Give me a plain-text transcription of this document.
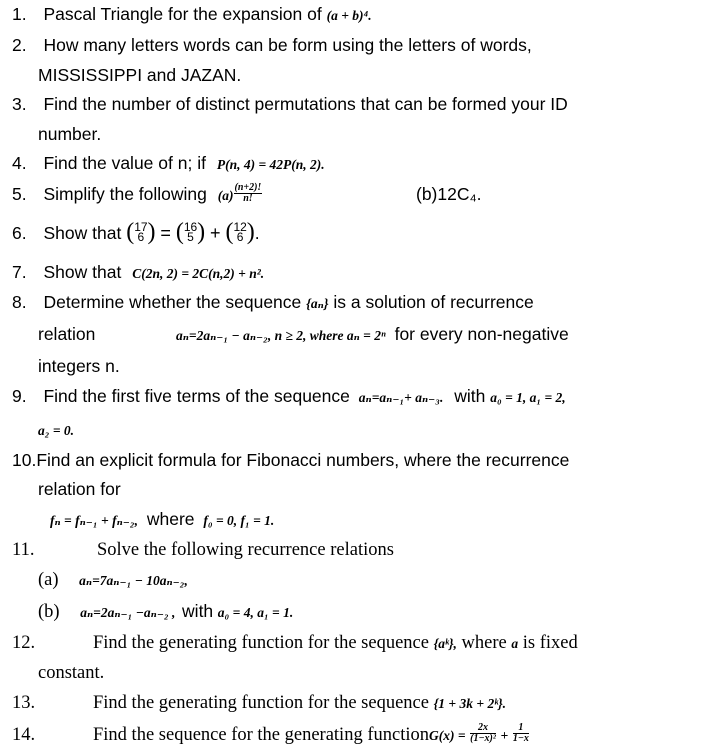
1. Pascal Triangle for the expansion of (a + b)⁴.
2. How many letters words can be form using the letters of words,
MISSISSIPPI and JAZAN.
3. Find the number of distinct permutations that can be formed your ID
number.
4. Find the value of n; if P(n, 4) = 42P(n, 2).
5. Simplify the following $(a) \frac{(n+2)!}{n!}$	(b)12C₄.
6. Show that ( 17
6 ) = ( 16
5 ) + ( 12
6 ).
7. Show that C(2n, 2) = 2C(n,2) + n².
8. Determine whether the sequence {aₙ} is a solution of recurrence
relation	aₙ=2aₙ₋₁ − aₙ₋₂, n ≥ 2, where aₙ = 2ⁿ for every non-negative
integers n.
9. Find the first five terms of the sequence aₙ=aₙ₋₁+ aₙ₋₃. with a₀ = 1, a₁ = 2,
a₂ = 0.
10.Find an explicit formula for Fibonacci numbers, where the recurrence
relation for
fₙ = fₙ₋₁ + fₙ₋₂, where f₀ = 0, f₁ = 1.
11.	Solve the following recurrence relations
(a) aₙ=7aₙ₋₁ − 10aₙ₋₂,
(b) aₙ=2aₙ₋₁ −aₙ₋₂ , with a₀ = 4, a₁ = 1.
12.	Find the generating function for the sequence {aᵏ}, where a is fixed
constant.
13.	Find the generating function for the sequence {1 + 3k + 2ᵏ}.
14.	Find the sequence for the generating functionG(x) = $\frac{2x}{\text{(1−x)²}} + \frac{1}{1-x}$
